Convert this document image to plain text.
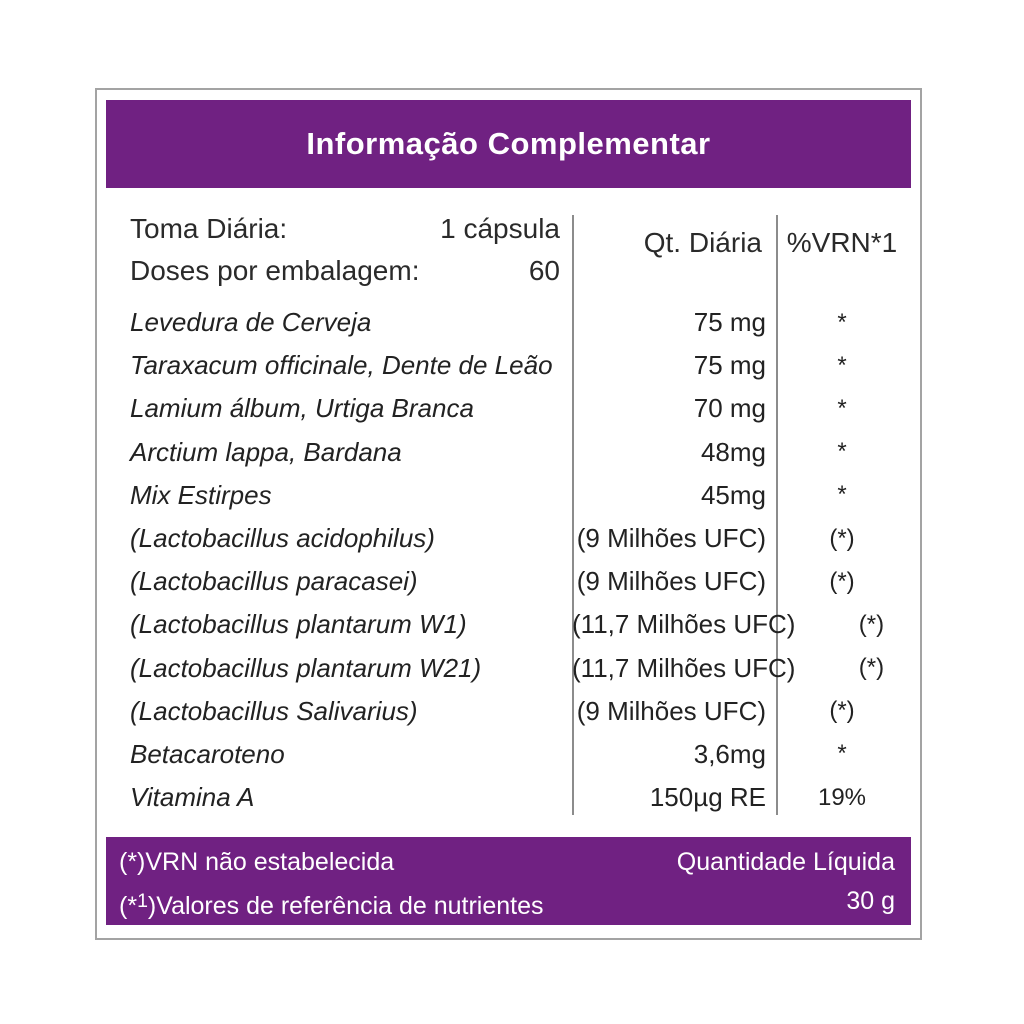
Informação Complementar
Toma Diária:	1 cápsula
Doses por embalagem:	60
Qt. Diária %VRN*1
Levedura de Cerveja	75 mg	*
Taraxacum officinale, Dente de Leão	75 mg	*
Lamium álbum, Urtiga Branca	70 mg	*
Arctium lappa, Bardana	48mg	*
Mix Estirpes	45mg	*
(Lactobacillus acidophilus)	(9 Milhões UFC)	(*)
(Lactobacillus paracasei)	(9 Milhões UFC)	(*)
(Lactobacillus plantarum W1)	(11,7 Milhões UFC)	(*)
(Lactobacillus plantarum W21)	(11,7 Milhões UFC)	(*)
(Lactobacillus Salivarius)	(9 Milhões UFC)	(*)
Betacaroteno	3,6mg	*
Vitamina A	150µg RE	19%
(*)VRN não estabelecida
(*$^1$)Valores de referência de nutrientes
Quantidade Líquida
30 g
